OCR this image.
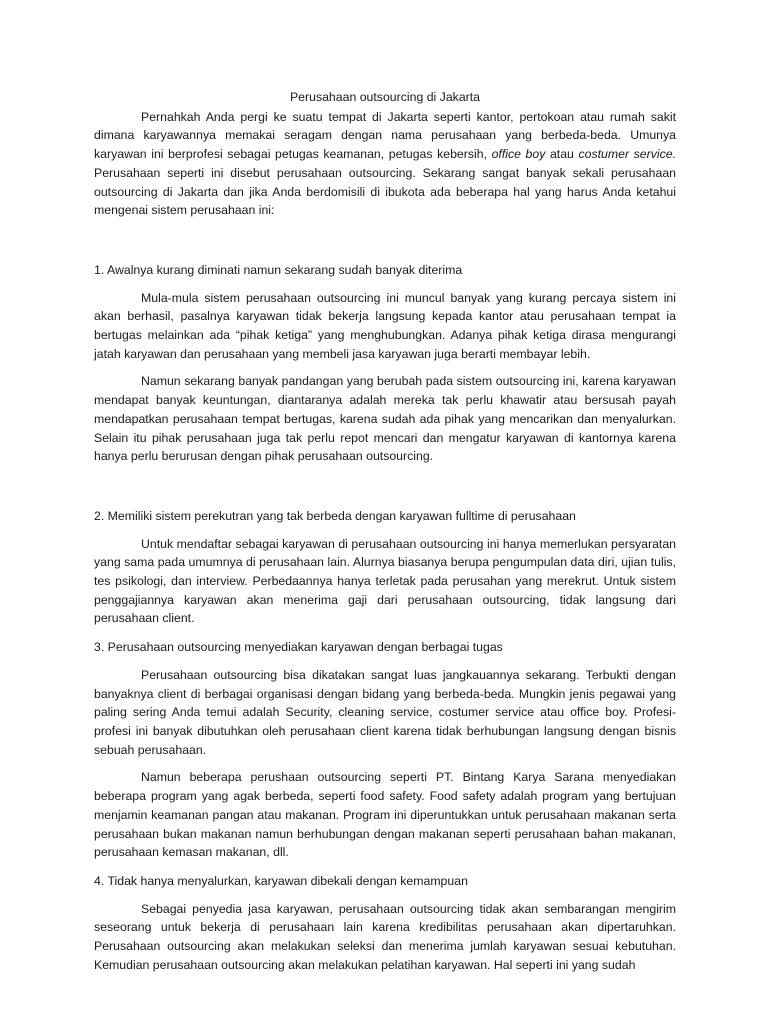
Perusahaan outsourcing di Jakarta

Pernahkah Anda pergi ke suatu tempat di Jakarta seperti kantor, pertokoan atau rumah sakit dimana karyawannya memakai seragam dengan nama perusahaan yang berbeda-beda. Umunya karyawan ini berprofesi sebagai petugas keamanan, petugas kebersih, office boy atau costumer service. Perusahaan seperti ini disebut perusahaan outsourcing. Sekarang sangat banyak sekali perusahaan outsourcing di Jakarta dan jika Anda berdomisili di ibukota ada beberapa hal yang harus Anda ketahui mengenai sistem perusahaan ini:

1. Awalnya kurang diminati namun sekarang sudah banyak diterima

Mula-mula sistem perusahaan outsourcing ini muncul banyak yang kurang percaya sistem ini akan berhasil, pasalnya karyawan tidak bekerja langsung kepada kantor atau perusahaan tempat ia bertugas melainkan ada “pihak ketiga” yang menghubungkan. Adanya pihak ketiga dirasa mengurangi jatah karyawan dan perusahaan yang membeli jasa karyawan juga berarti membayar lebih.

Namun sekarang banyak pandangan yang berubah pada sistem outsourcing ini, karena karyawan mendapat banyak keuntungan, diantaranya adalah mereka tak perlu khawatir atau bersusah payah mendapatkan perusahaan tempat bertugas, karena sudah ada pihak yang mencarikan dan menyalurkan. Selain itu pihak perusahaan juga tak perlu repot mencari dan mengatur karyawan di kantornya karena hanya perlu berurusan dengan pihak perusahaan outsourcing.

2. Memiliki sistem perekutran yang tak berbeda dengan karyawan fulltime di perusahaan

Untuk mendaftar sebagai karyawan di perusahaan outsourcing ini hanya memerlukan persyaratan yang sama pada umumnya di perusahaan lain. Alurnya biasanya berupa pengumpulan data diri, ujian tulis, tes psikologi, dan interview. Perbedaannya hanya terletak pada perusahan yang merekrut. Untuk sistem penggajiannya karyawan akan menerima gaji dari perusahaan outsourcing, tidak langsung dari perusahaan client.

3. Perusahaan outsourcing menyediakan karyawan dengan berbagai tugas

Perusahaan outsourcing bisa dikatakan sangat luas jangkauannya sekarang. Terbukti dengan banyaknya client di berbagai organisasi dengan bidang yang berbeda-beda. Mungkin jenis pegawai yang paling sering Anda temui adalah Security, cleaning service, costumer service atau office boy. Profesi-profesi ini banyak dibutuhkan oleh perusahaan client karena tidak berhubungan langsung dengan bisnis sebuah perusahaan.

Namun beberapa perushaan outsourcing seperti PT. Bintang Karya Sarana menyediakan beberapa program yang agak berbeda, seperti food safety. Food safety adalah program yang bertujuan menjamin keamanan pangan atau makanan. Program ini diperuntukkan untuk perusahaan makanan serta perusahaan bukan makanan namun berhubungan dengan makanan seperti perusahaan bahan makanan, perusahaan kemasan makanan, dll.

4. Tidak hanya menyalurkan, karyawan dibekali dengan kemampuan

Sebagai penyedia jasa karyawan, perusahaan outsourcing tidak akan sembarangan mengirim seseorang untuk bekerja di perusahaan lain karena kredibilitas perusahaan akan dipertaruhkan. Perusahaan outsourcing akan melakukan seleksi dan menerima jumlah karyawan sesuai kebutuhan. Kemudian perusahaan outsourcing akan melakukan pelatihan karyawan. Hal seperti ini yang sudah
